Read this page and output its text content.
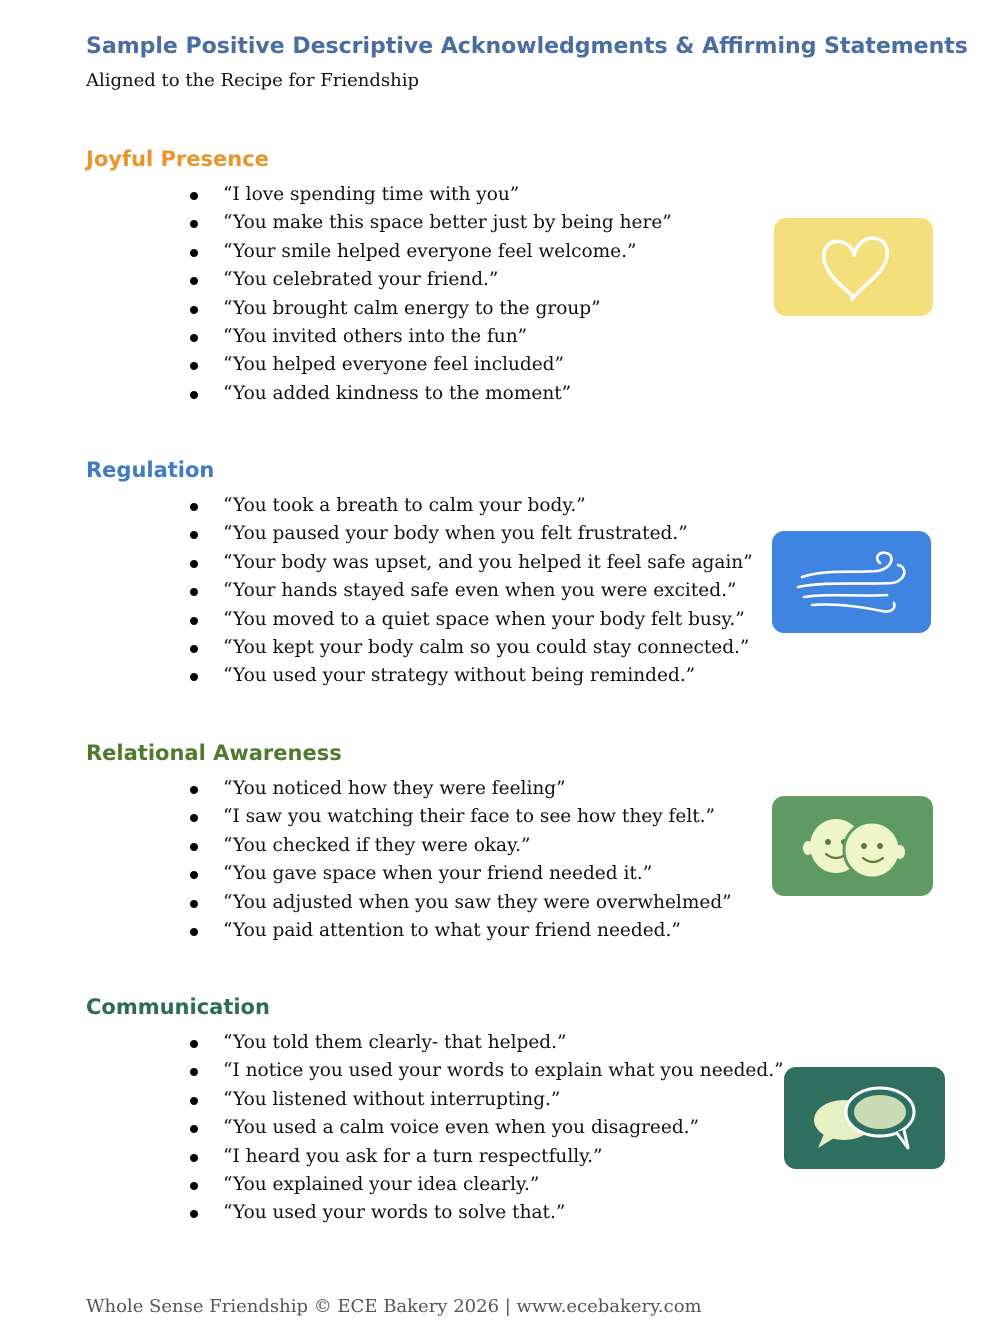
Sample Positive Descriptive Acknowledgments & Affirming Statements

Aligned to the Recipe for Friendship

Joyful Presence
“I love spending time with you”
“You make this space better just by being here”
“Your smile helped everyone feel welcome.”
“You celebrated your friend.”
“You brought calm energy to the group”
“You invited others into the fun”
“You helped everyone feel included”
“You added kindness to the moment”
Regulation
“You took a breath to calm your body.”
“You paused your body when you felt frustrated.”
“Your body was upset, and you helped it feel safe again”
“Your hands stayed safe even when you were excited.”
“You moved to a quiet space when your body felt busy.”
“You kept your body calm so you could stay connected.”
“You used your strategy without being reminded.”
Relational Awareness
“You noticed how they were feeling”
“I saw you watching their face to see how they felt.”
“You checked if they were okay.”
“You gave space when your friend needed it.”
“You adjusted when you saw they were overwhelmed”
“You paid attention to what your friend needed.”
Communication
“You told them clearly- that helped.”
“I notice you used your words to explain what you needed.”
“You listened without interrupting.”
“You used a calm voice even when you disagreed.”
“I heard you ask for a turn respectfully.”
“You explained your idea clearly.”
“You used your words to solve that.”

Whole Sense Friendship © ECE Bakery 2026 | www.ecebakery.com
